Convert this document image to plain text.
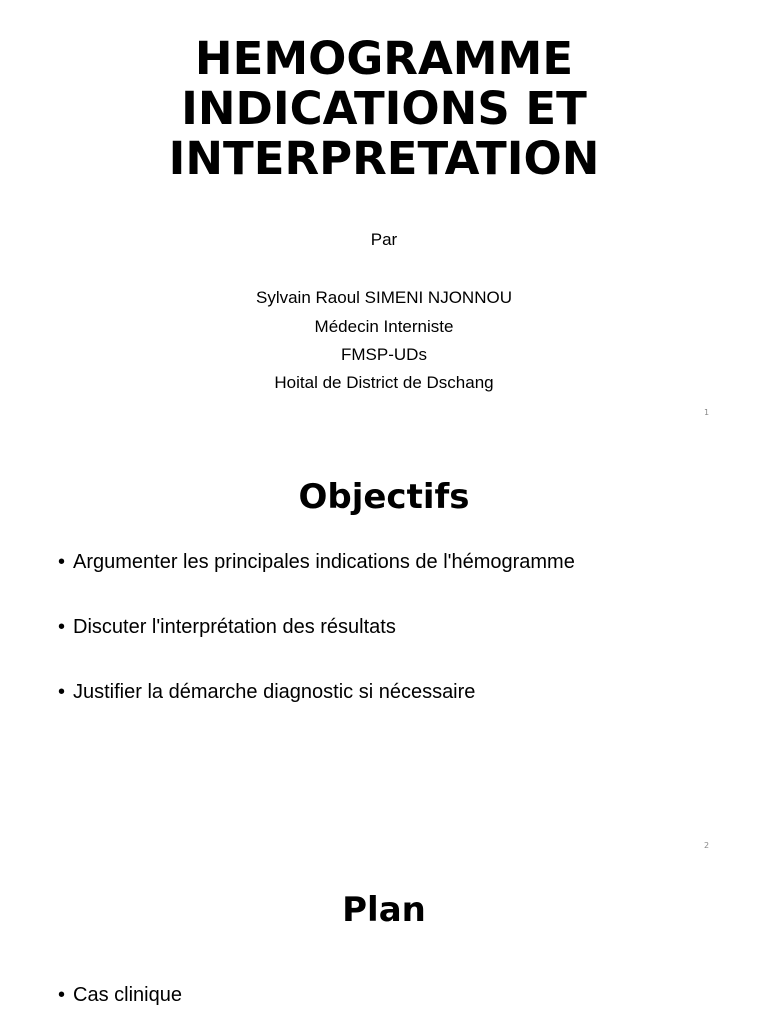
HEMOGRAMME
INDICATIONS ET
INTERPRETATION
Par
Sylvain Raoul SIMENI NJONNOU
Médecin Interniste
FMSP-UDs
Hoital de District de Dschang
1
Objectifs
• Argumenter les principales indications de l'hémogramme
• Discuter l'interprétation des résultats
• Justifier la démarche diagnostic si nécessaire
2
Plan
• Cas clinique
